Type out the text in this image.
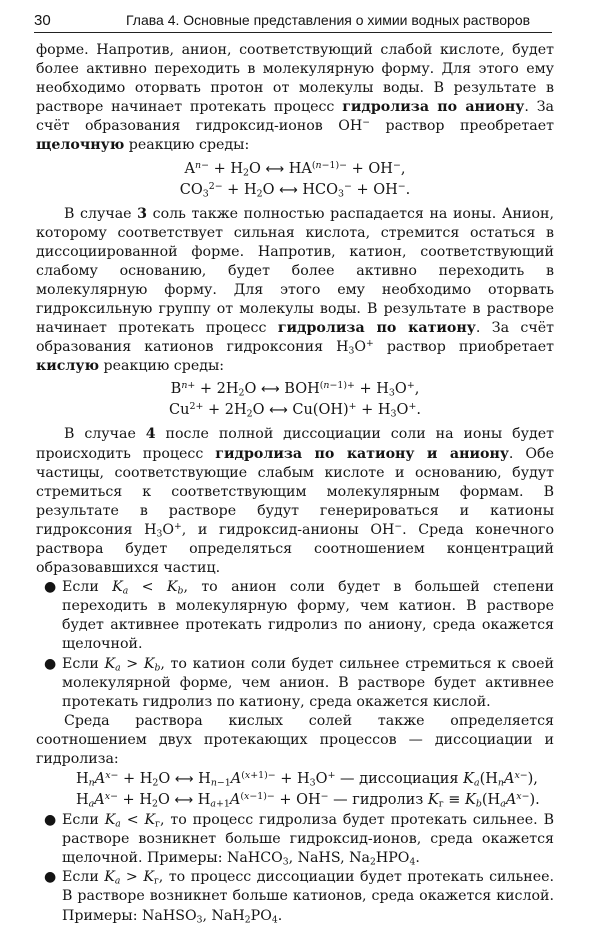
30	Глава 4. Основные представления о химии водных растворов

форме. Напротив, анион, соответствующий слабой кислоте, будет более активно переходить в молекулярную форму. Для этого ему необходимо оторвать протон от молекулы воды. В результате в растворе начинает протекать процесс гидролиза по аниону. За счёт образования гидроксид-ионов OH− раствор преобретает щелочную реакцию среды:

$A^{n-} + H_2O$ ⟷ $HA^{(n-1)-} + OH^-$,

$CO_3^{2-} + H_2O$ ⟷ $HCO_3^- + OH^-$.

В случае 3 соль также полностью распадается на ионы. Анион, которому соответствует сильная кислота, стремится остаться в диссоциированной форме. Напротив, катион, соответствующий слабому основанию, будет более активно переходить в молекулярную форму. Для этого ему необходимо оторвать гидроксильную группу от молекулы воды. В результате в растворе начинает протекать процесс гидролиза по катиону. За счёт образования катионов гидроксония $H_3O^+$ раствор приобретает кислую реакцию среды:

$B^{n+} + 2H_2O$ ⟷ $BOH^{(n-1)+} + H_3O^+$,

$Cu^{2+} + 2H_2O$ ⟷ $Cu(OH)^+ + H_3O^+$.

В случае 4 после полной диссоциации соли на ионы будет происходить процесс гидролиза по катиону и аниону. Обе частицы, соответствующие слабым кислоте и основанию, будут стремиться к соответствующим молекулярным формам. В результате в растворе будут генерироваться и катионы гидроксония $H_3O^+$, и гидроксид-анионы OH−. Среда конечного раствора будет определяться соотношением концентраций образовавшихся частиц.

● Если $K_a < K_b$, то анион соли будет в большей степени переходить в молекулярную форму, чем катион. В растворе будет активнее протекать гидролиз по аниону, среда окажется щелочной.

● Если $K_a > K_b$, то катион соли будет сильнее стремиться к своей молекулярной форме, чем анион. В растворе будет активнее протекать гидролиз по катиону, среда окажется кислой.

Среда раствора кислых солей также определяется соотношением двух протекающих процессов — диссоциации и гидролиза:

$H_nA^{x-} + H_2O$ ⟷ $H_{n-1}A^{(x+1)-} + H_3O^+$ — диссоциация $K_a(H_nA^{x-})$,

$H_aA^{x-} + H_2O$ ⟷ $H_{a+1}A^{(x-1)-} + OH^-$ — гидролиз $K_г \equiv K_b(H_aA^{x-})$.

● Если $K_a < K_г$, то процесс гидролиза будет протекать сильнее. В растворе возникнет больше гидроксид-ионов, среда окажется щелочной. Примеры: NaHCO$_3$, NaHS, $Na_2HPO_4$.

● Если $K_a > K_г$, то процесс диссоциации будет протекать сильнее. В растворе возникнет больше катионов, среда окажется кислой. Примеры: NaHSO$_3$, $NaH_2PO_4$.
